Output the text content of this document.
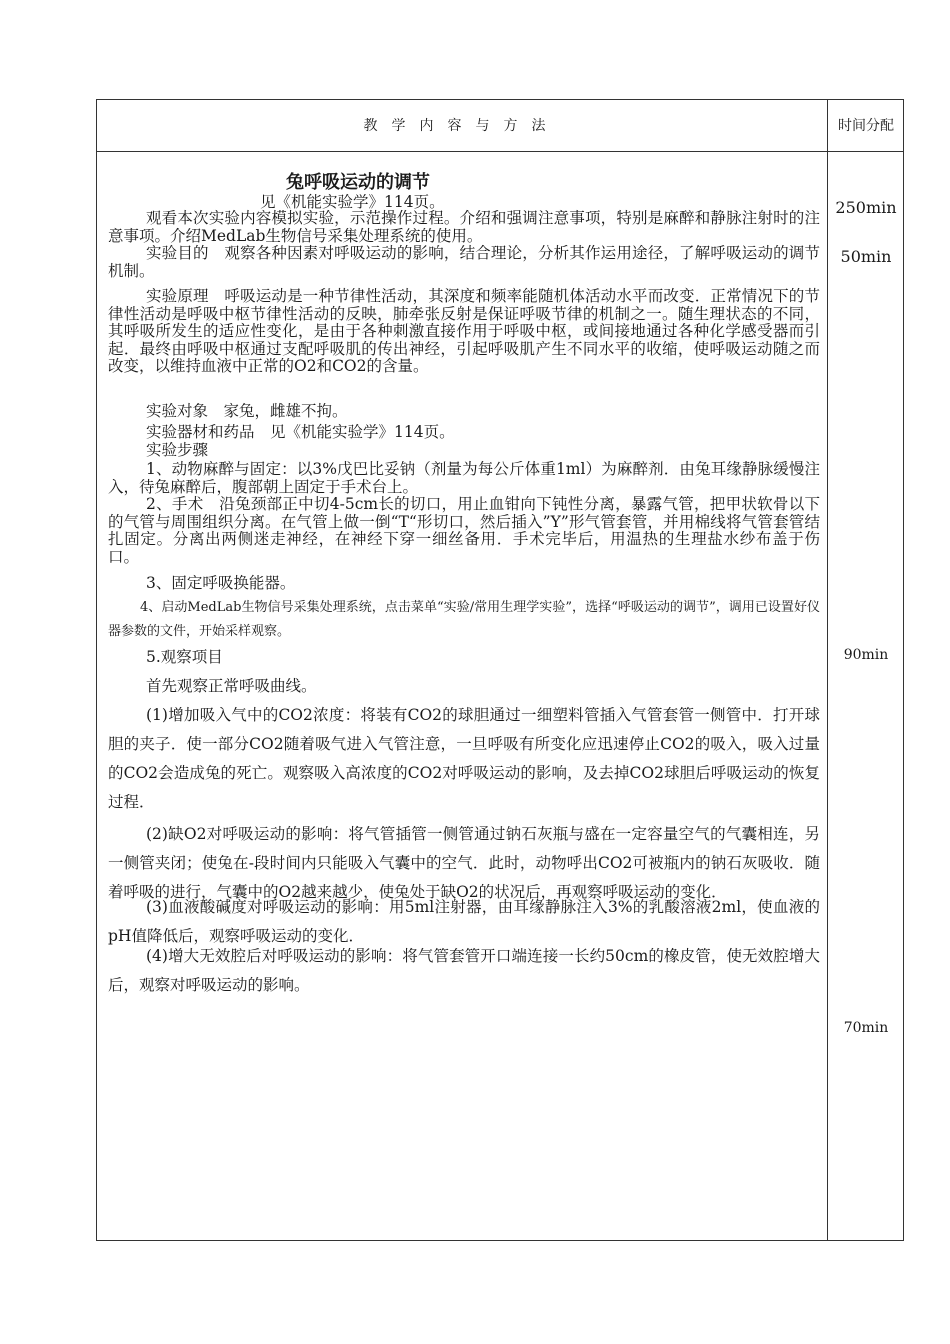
教学内容与方法	时间分配
兔呼吸运动的调节
见《机能实验学》114页。
观看本次实验内容模拟实验，示范操作过程。介绍和强调注意事项，特别是麻醉和静脉注射时的注意事项。介绍MedLab生物信号采集处理系统的使用。
实验目的　观察各种因素对呼吸运动的影响，结合理论，分析其作运用途径，了解呼吸运动的调节机制。
实验原理　呼吸运动是一种节律性活动，其深度和频率能随机体活动水平而改变．正常情况下的节律性活动是呼吸中枢节律性活动的反映，肺牵张反射是保证呼吸节律的机制之一。随生理状态的不同，其呼吸所发生的适应性变化，是由于各种刺激直接作用于呼吸中枢，或间接地通过各种化学感受器而引起．最终由呼吸中枢通过支配呼吸肌的传出神经，引起呼吸肌产生不同水平的收缩，使呼吸运动随之而改变，以维持血液中正常的O2和CO2的含量。
实验对象　家兔，雌雄不拘。
实验器材和药品　见《机能实验学》114页。
实验步骤
1、动物麻醉与固定：以3%戊巴比妥钠（剂量为每公斤体重1ml）为麻醉剂．由兔耳缘静脉缓慢注入，待兔麻醉后，腹部朝上固定于手术台上。
2、手术　沿兔颈部正中切4-5cm长的切口，用止血钳向下钝性分离，暴露气管，把甲状软骨以下的气管与周围组织分离。在气管上做一倒“T“形切口，然后插入”Y”形气管套管，并用棉线将气管套管结扎固定。分离出两侧迷走神经，在神经下穿一细丝备用．手术完毕后，用温热的生理盐水纱布盖于伤口。
3、固定呼吸换能器。
4、启动MedLab生物信号采集处理系统，点击菜单“实验/常用生理学实验”，选择“呼吸运动的调节”，调用已设置好仪器参数的文件，开始采样观察。
5.观察项目
首先观察正常呼吸曲线。
(1)增加吸入气中的CO2浓度：将装有CO2的球胆通过一细塑料管插入气管套管一侧管中．打开球胆的夹子．使一部分CO2随着吸气进入气管注意，一旦呼吸有所变化应迅速停止CO2的吸入，吸入过量的CO2会造成兔的死亡。观察吸入高浓度的CO2对呼吸运动的影响，及去掉CO2球胆后呼吸运动的恢复过程．
(2)缺O2对呼吸运动的影响：将气管插管一侧管通过钠石灰瓶与盛在一定容量空气的气囊相连，另一侧管夹闭；使兔在-段时间内只能吸入气囊中的空气．此时，动物呼出CO2可被瓶内的钠石灰吸收．随着呼吸的进行，气囊中的O2越来越少，使兔处于缺O2的状况后，再观察呼吸运动的变化．
(3)血液酸碱度对呼吸运动的影响：用5ml注射器，由耳缘静脉注入3%的乳酸溶液2ml，使血液的pH值降低后，观察呼吸运动的变化．
(4)增大无效腔后对呼吸运动的影响：将气管套管开口端连接一长约50cm的橡皮管，使无效腔增大后，观察对呼吸运动的影响。
250min
50min
90min
70min
